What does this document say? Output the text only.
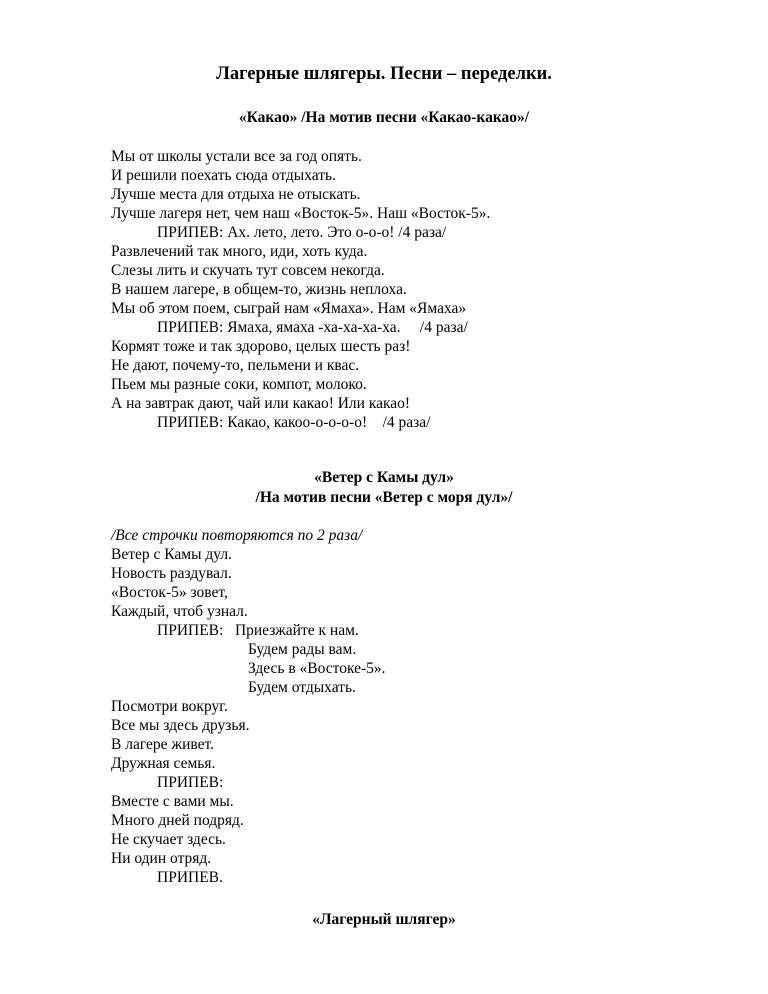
Лагерные шлягеры. Песни – переделки.
«Какао» /На мотив песни «Какао-какао»/
Мы от школы устали все за год опять.
И решили поехать сюда отдыхать.
Лучше места для отдыха не отыскать.
Лучше лагеря нет, чем наш «Восток-5». Наш «Восток-5».
ПРИПЕВ: Ах. лето, лето. Это о-о-о! /4 раза/
Развлечений так много, иди, хоть куда.
Слезы лить и скучать тут совсем некогда.
В нашем лагере, в общем-то, жизнь неплоха.
Мы об этом поем, сыграй нам «Ямаха». Нам «Ямаха»
ПРИПЕВ: Ямаха, ямаха -ха-ха-ха-ха.     /4 раза/
Кормят тоже и так здорово, целых шесть раз!
Не дают, почему-то, пельмени и квас.
Пьем мы разные соки, компот, молоко.
А на завтрак дают, чай или какао! Или какао!
ПРИПЕВ: Какао, какоо-о-о-о-о!    /4 раза/
«Ветер с Камы дул»
/На мотив песни «Ветер с моря дул»/
/Все строчки повторяются по 2 раза/
Ветер с Камы дул.
Новость раздувал.
«Восток-5» зовет,
Каждый, чтоб узнал.
ПРИПЕВ:   Приезжайте к нам.
Будем рады вам.
Здесь в «Востоке-5».
Будем отдыхать.
Посмотри вокруг.
Все мы здесь друзья.
В лагере живет.
Дружная семья.
ПРИПЕВ:
Вместе с вами мы.
Много дней подряд.
Не скучает здесь.
Ни один отряд.
ПРИПЕВ.
«Лагерный шлягер»
